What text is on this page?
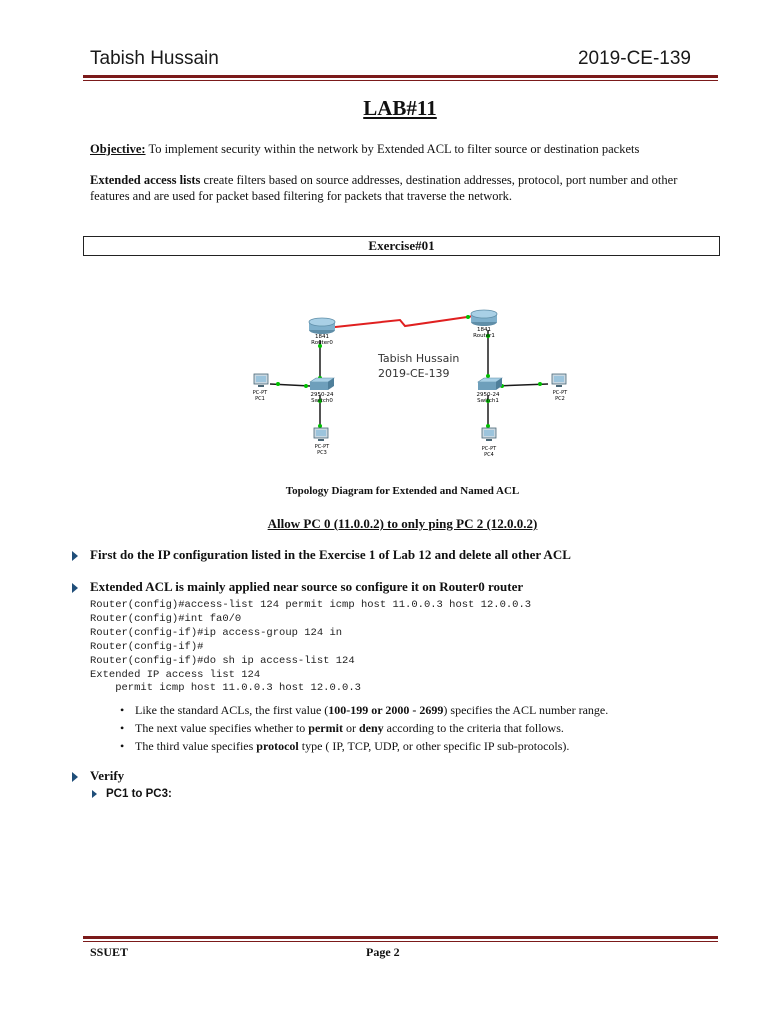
Tabish Hussain	2019-CE-139
LAB#11
Objective: To implement security within the network by Extended ACL to filter source or destination packets
Extended access lists create filters based on source addresses, destination addresses, protocol, port number and other features and are used for packet based filtering for packets that traverse the network.
Exercise#01
1841
Router0
1841
Router1
2950-24
Switch0
2950-24
Switch1
PC-PT
PC1
PC-PT
PC3
PC-PT
PC2
PC-PT
PC4
Tabish Hussain
2019-CE-139
Topology Diagram for Extended and Named ACL
Allow PC 0 (11.0.0.2) to only ping PC 2 (12.0.0.2)
First do the IP configuration listed in the Exercise 1 of Lab 12 and delete all other ACL
Extended ACL is mainly applied near source so configure it on Router0 router
Router(config)#access-list 124 permit icmp host 11.0.0.3 host 12.0.0.3
Router(config)#int fa0/0
Router(config-if)#ip access-group 124 in
Router(config-if)#
Router(config-if)#do sh ip access-list 124
Extended IP access list 124
permit icmp host 11.0.0.3 host 12.0.0.3
• Like the standard ACLs, the first value (100-199 or 2000 - 2699) specifies the ACL number range.
• The next value specifies whether to permit or deny according to the criteria that follows.
• The third value specifies protocol type ( IP, TCP, UDP, or other specific IP sub-protocols).
Verify
PC1 to PC3:
SSUET	Page 2
